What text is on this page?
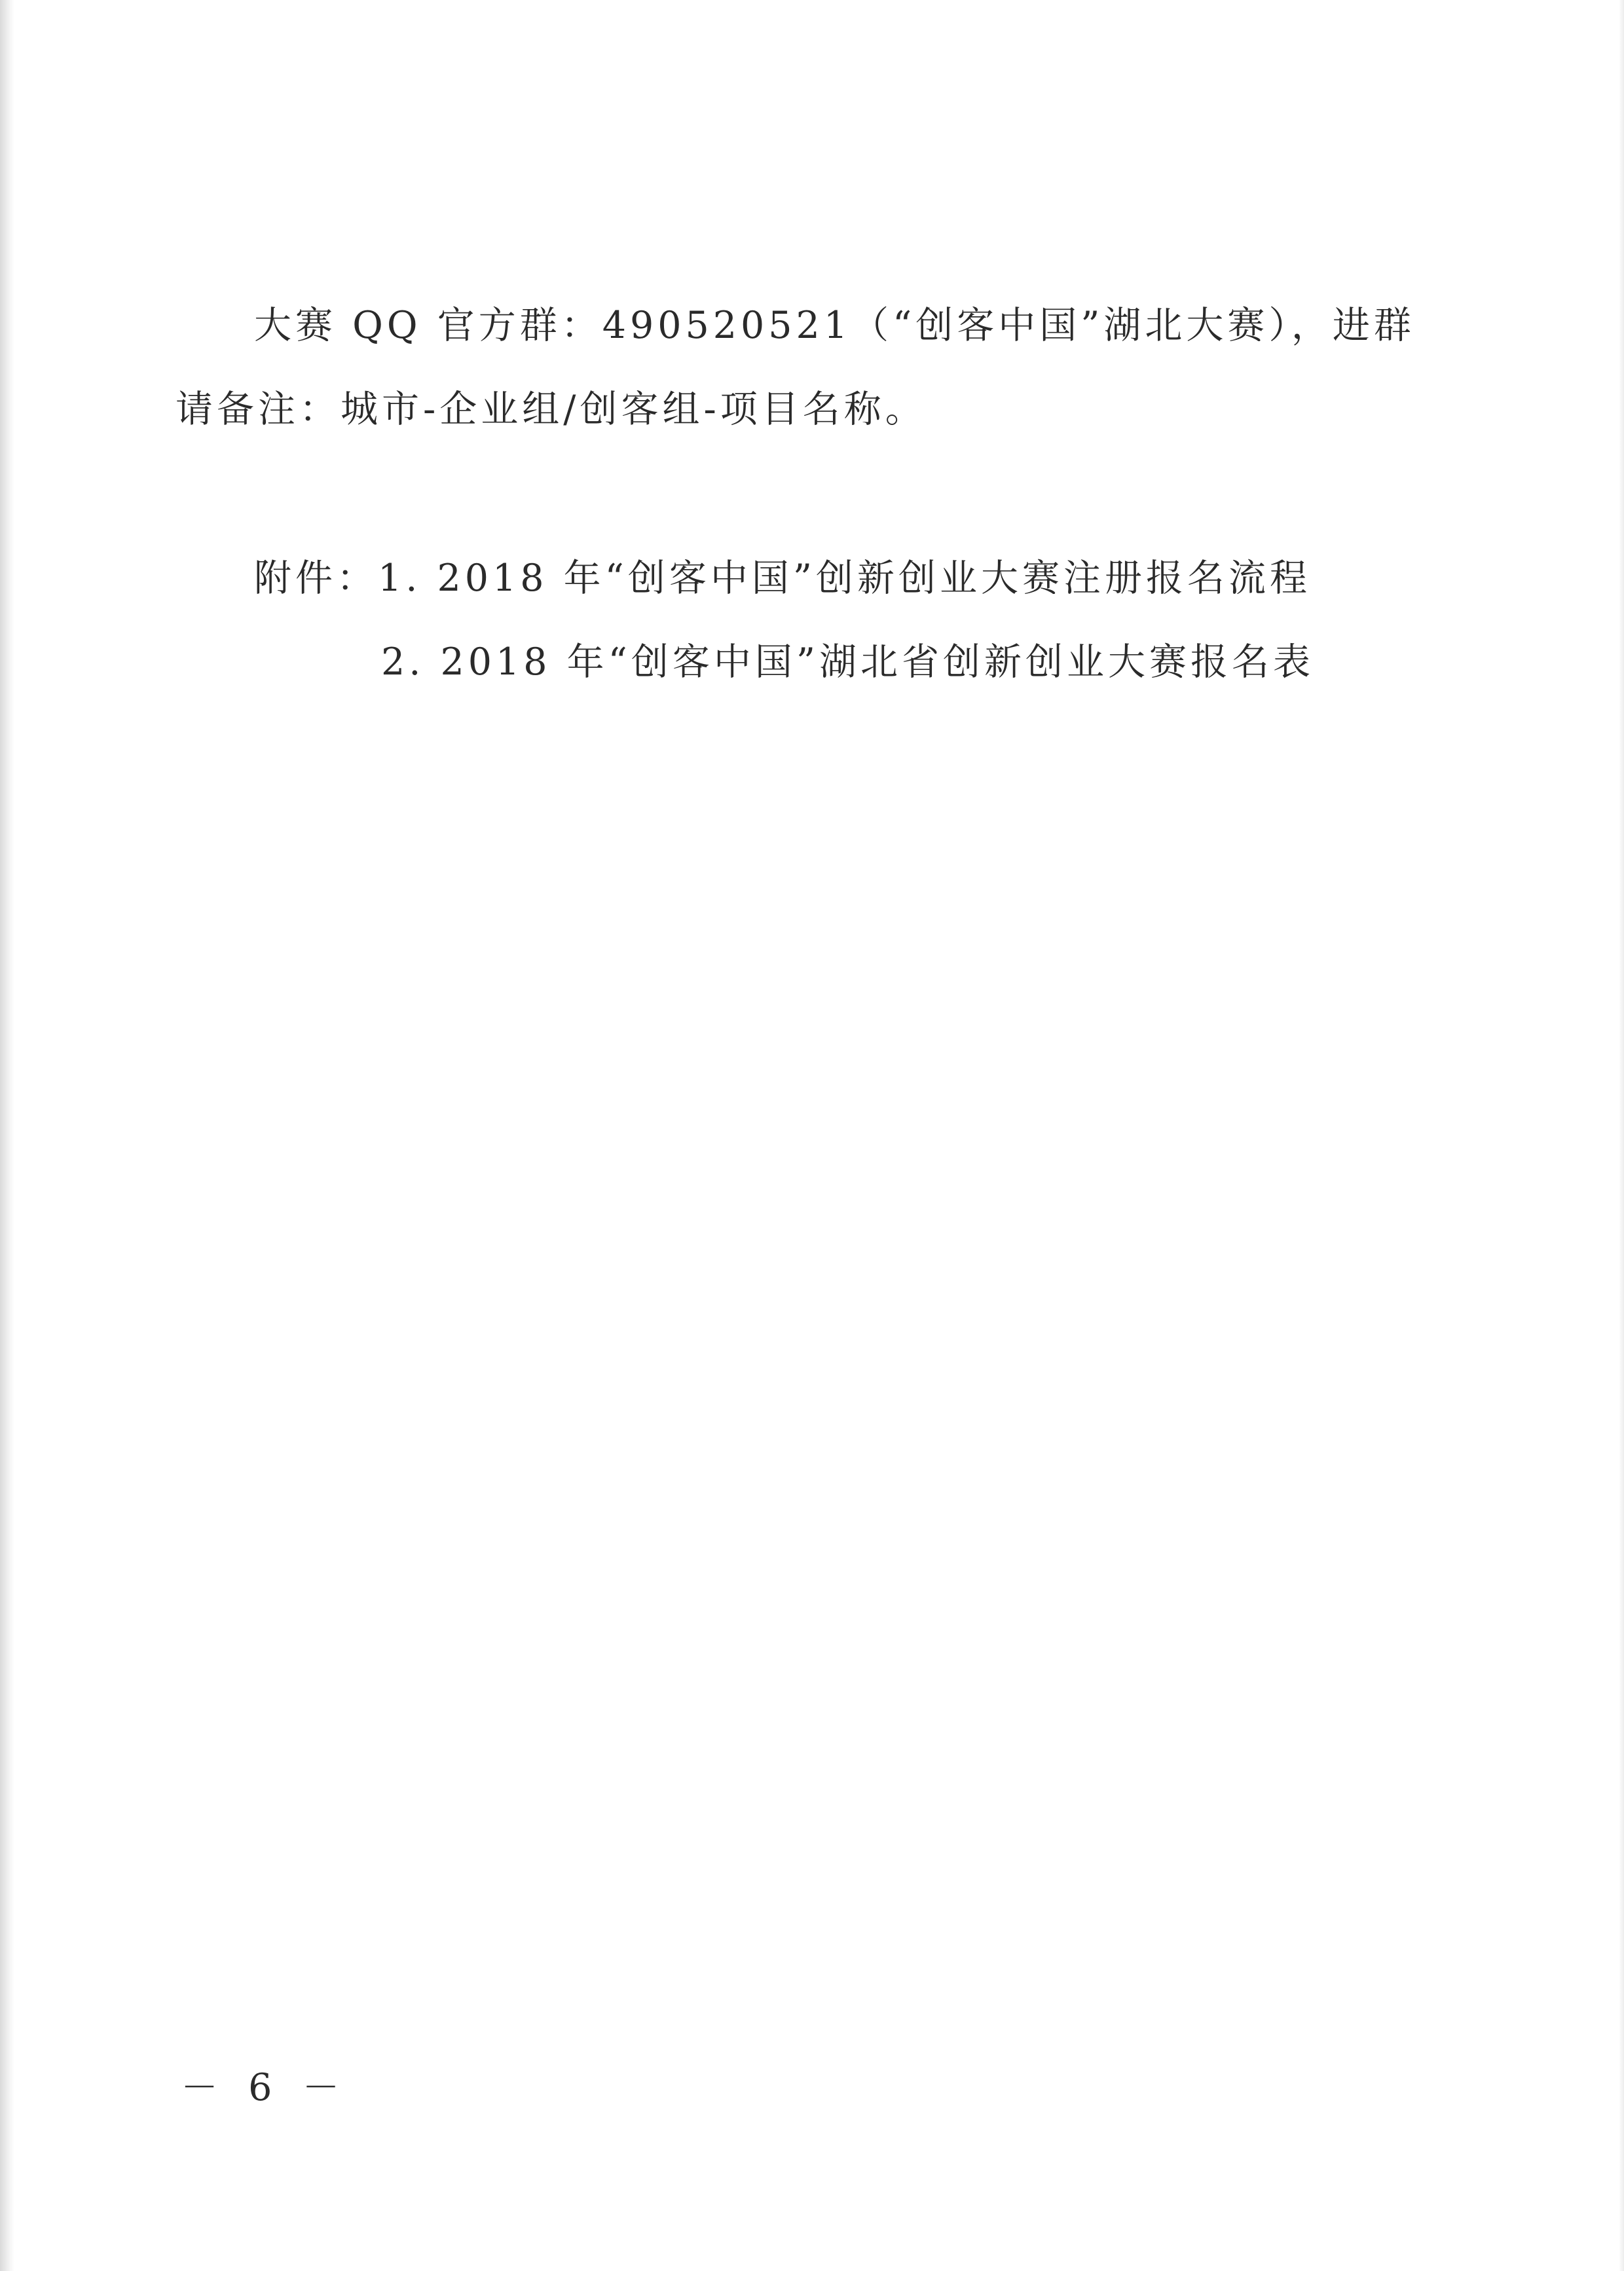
大赛 QQ 官方群：490520521（“创客中国”湖北大赛），进群
请备注：城市-企业组/创客组-项目名称。
附件：1. 2018 年“创客中国”创新创业大赛注册报名流程
2. 2018 年“创客中国”湖北省创新创业大赛报名表
－ 6 －
